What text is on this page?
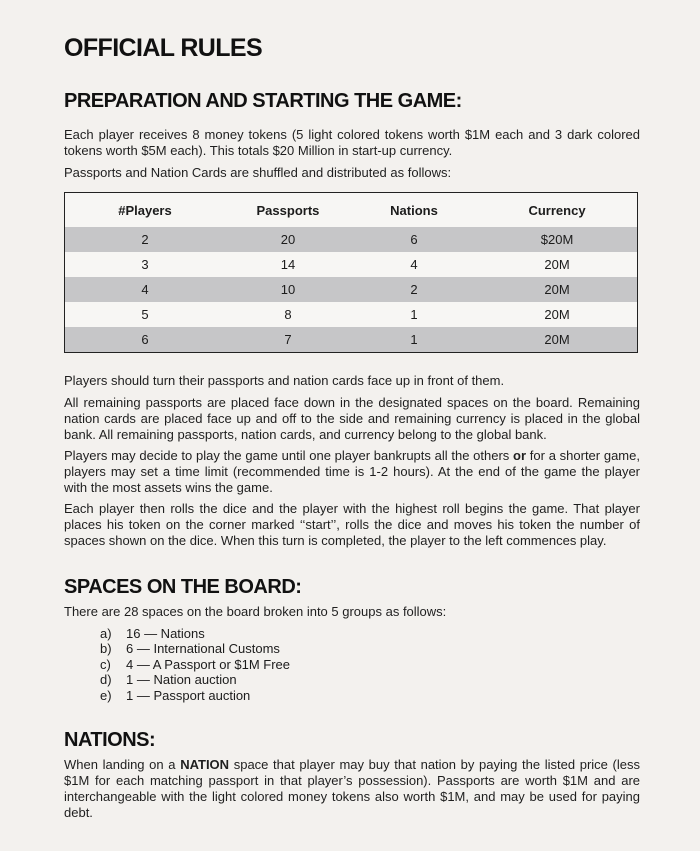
OFFICIAL RULES
PREPARATION AND STARTING THE GAME:

Each player receives 8 money tokens (5 light colored tokens worth $1M each and 3 dark colored tokens worth $5M each). This totals $20 Million in start-up currency.

Passports and Nation Cards are shuffled and distributed as follows:

#Players	Passports	Nations	Currency
2	20	6	$20M
3	14	4	20M
4	10	2	20M
5	8	1	20M
6	7	1	20M

Players should turn their passports and nation cards face up in front of them.

All remaining passports are placed face down in the designated spaces on the board. Remaining nation cards are placed face up and off to the side and remaining currency is placed in the global bank. All remaining passports, nation cards, and currency belong to the global bank.

Players may decide to play the game until one player bankrupts all the others or for a shorter game, players may set a time limit (recommended time is 1-2 hours). At the end of the game the player with the most assets wins the game.

Each player then rolls the dice and the player with the highest roll begins the game. That player places his token on the corner marked ‘‘start’’, rolls the dice and moves his token the number of spaces shown on the dice. When this turn is completed, the player to the left commences play.

SPACES ON THE BOARD:

There are 28 spaces on the board broken into 5 groups as follows:

a) 16 — Nations
b) 6 — International Customs
c) 4 — A Passport or $1M Free
d) 1 — Nation auction
e) 1 — Passport auction
NATIONS:

When landing on a NATION space that player may buy that nation by paying the listed price (less $1M for each matching passport in that player’s possession). Passports are worth $1M and are interchangeable with the light colored money tokens also worth $1M, and may be used for paying debt.
